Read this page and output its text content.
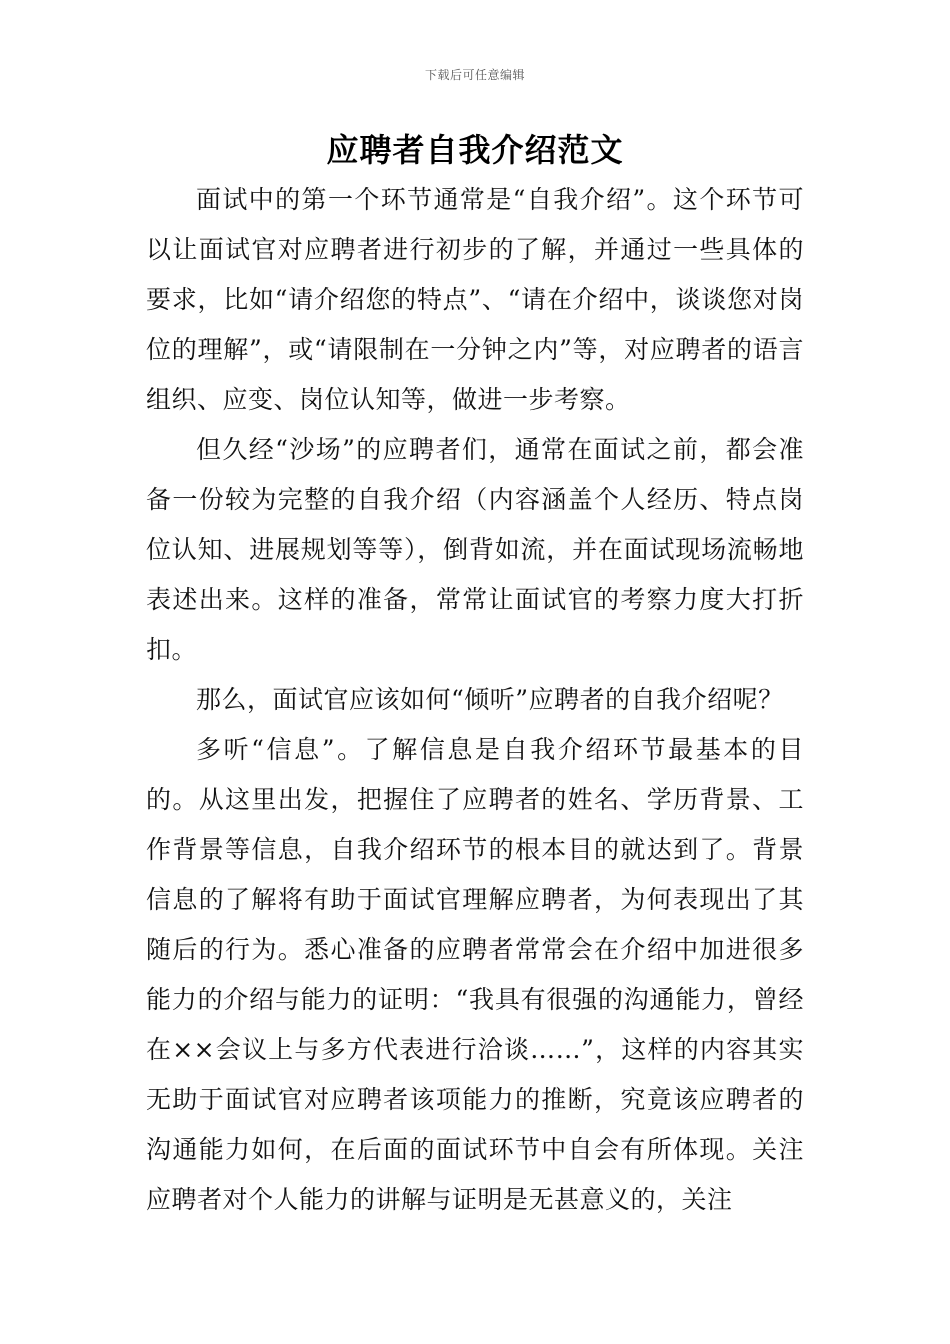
下载后可任意编辑
应聘者自我介绍范文

面试中的第一个环节通常是“自我介绍”。这个环节可以让面试官对应聘者进行初步的了解，并通过一些具体的要求，比如“请介绍您的特点”、“请在介绍中，谈谈您对岗位的理解”，或“请限制在一分钟之内”等，对应聘者的语言组织、应变、岗位认知等，做进一步考察。

但久经“沙场”的应聘者们，通常在面试之前，都会准备一份较为完整的自我介绍（内容涵盖个人经历、特点岗位认知、进展规划等等），倒背如流，并在面试现场流畅地表述出来。这样的准备，常常让面试官的考察力度大打折扣。

那么，面试官应该如何“倾听”应聘者的自我介绍呢？

多听“信息”。了解信息是自我介绍环节最基本的目的。从这里出发，把握住了应聘者的姓名、学历背景、工作背景等信息，自我介绍环节的根本目的就达到了。背景信息的了解将有助于面试官理解应聘者，为何表现出了其随后的行为。悉心准备的应聘者常常会在介绍中加进很多能力的介绍与能力的证明：“我具有很强的沟通能力，曾经在××会议上与多方代表进行洽谈……”，这样的内容其实无助于面试官对应聘者该项能力的推断，究竟该应聘者的沟通能力如何，在后面的面试环节中自会有所体现。关注应聘者对个人能力的讲解与证明是无甚意义的，关注
